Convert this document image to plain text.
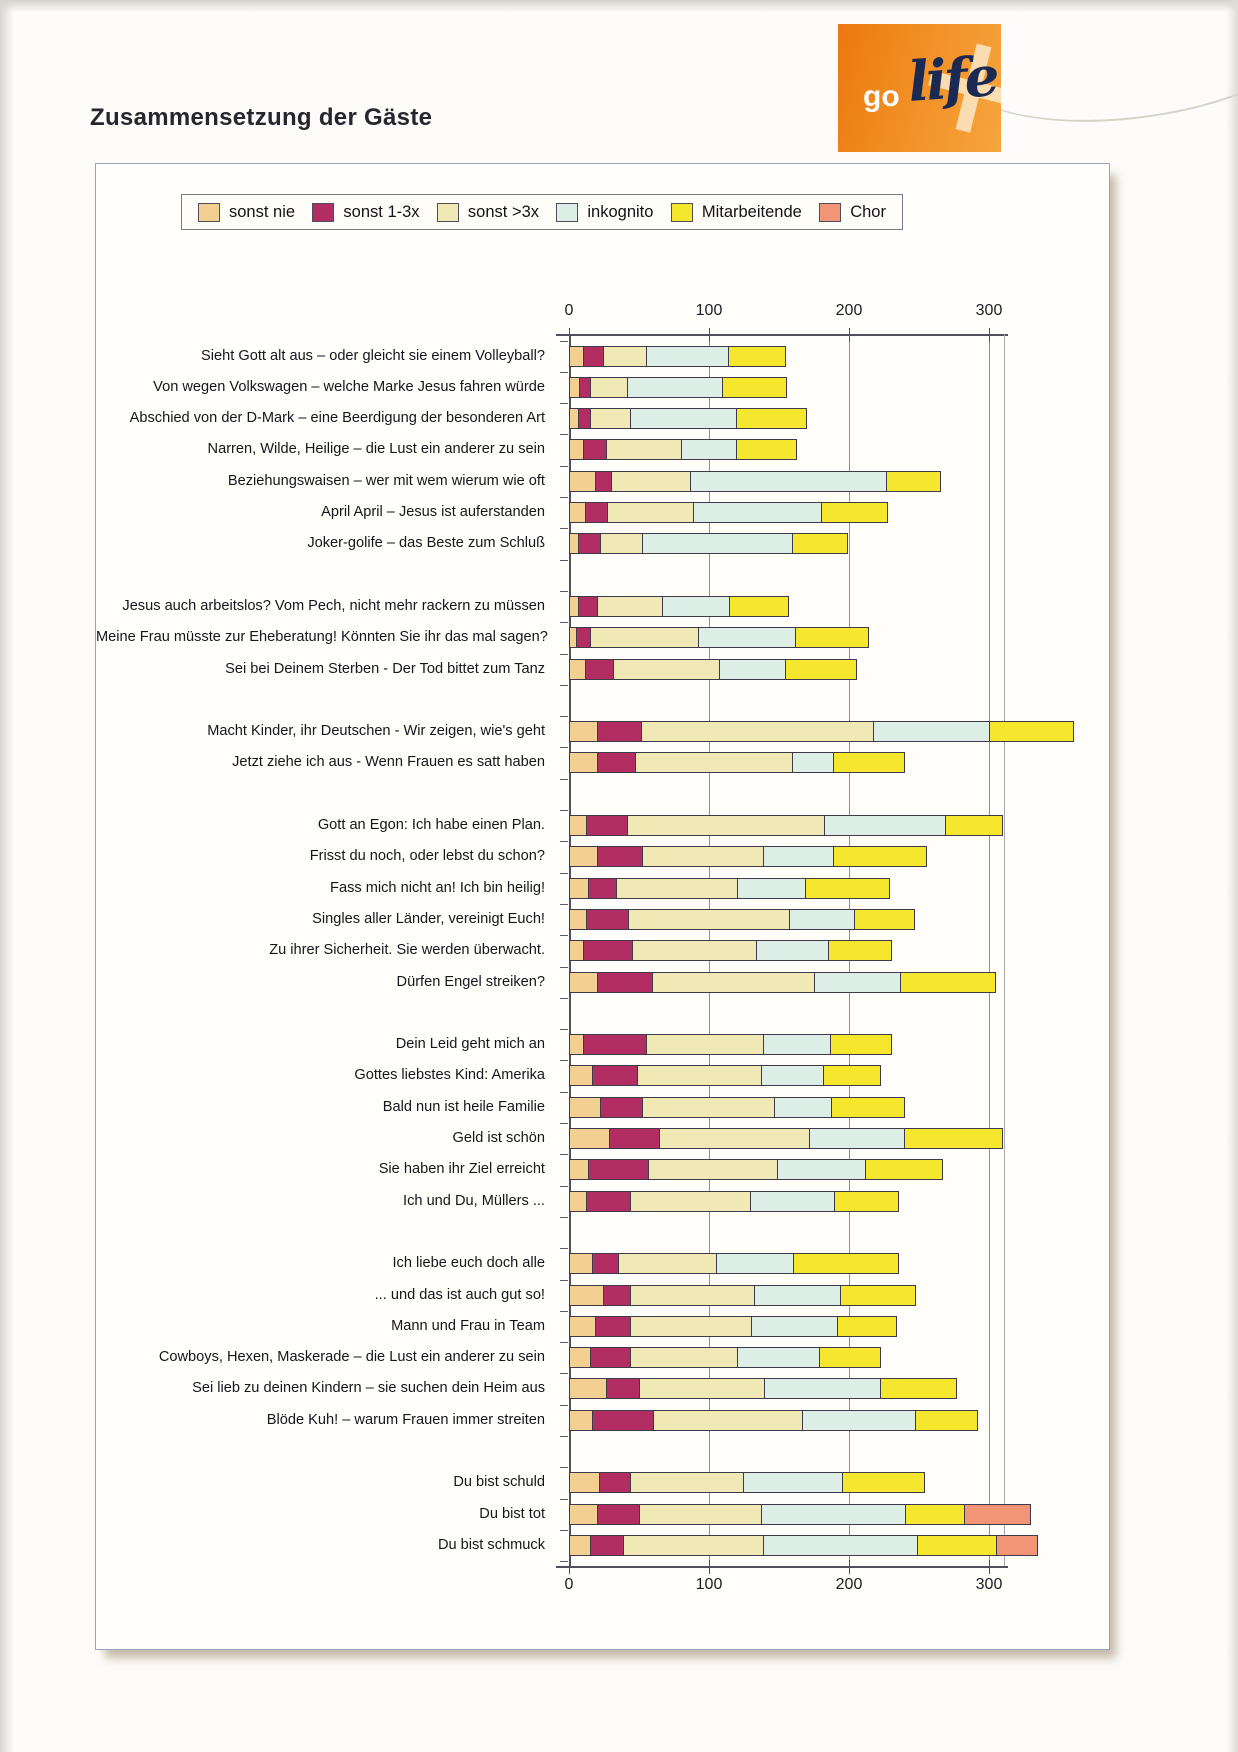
Zusammensetzung der Gäste
go life
sonst nie	sonst 1-3x	sonst >3x	inkognito	Mitarbeitende	Chor
0
0
100
100
200
200
300
300
Sieht Gott alt aus – oder gleicht sie einem Volleyball?
Von wegen Volkswagen – welche Marke Jesus fahren würde
Abschied von der D-Mark – eine Beerdigung der besonderen Art
Narren, Wilde, Heilige – die Lust ein anderer zu sein
Beziehungswaisen – wer mit wem wierum wie oft
April April – Jesus ist auferstanden
Joker-golife – das Beste zum Schluß
Jesus auch arbeitslos? Vom Pech, nicht mehr rackern zu müssen
Meine Frau müsste zur Eheberatung! Könnten Sie ihr das mal sagen?
Sei bei Deinem Sterben - Der Tod bittet zum Tanz
Macht Kinder, ihr Deutschen - Wir zeigen, wie's geht
Jetzt ziehe ich aus - Wenn Frauen es satt haben
Gott an Egon: Ich habe einen Plan.
Frisst du noch, oder lebst du schon?
Fass mich nicht an! Ich bin heilig!
Singles aller Länder, vereinigt Euch!
Zu ihrer Sicherheit. Sie werden überwacht.
Dürfen Engel streiken?
Dein Leid geht mich an
Gottes liebstes Kind: Amerika
Bald nun ist heile Familie
Geld ist schön
Sie haben ihr Ziel erreicht
Ich und Du, Müllers ...
Ich liebe euch doch alle
... und das ist auch gut so!
Mann und Frau in Team
Cowboys, Hexen, Maskerade – die Lust ein anderer zu sein
Sei lieb zu deinen Kindern – sie suchen dein Heim aus
Blöde Kuh! – warum Frauen immer streiten
Du bist schuld
Du bist tot
Du bist schmuck
